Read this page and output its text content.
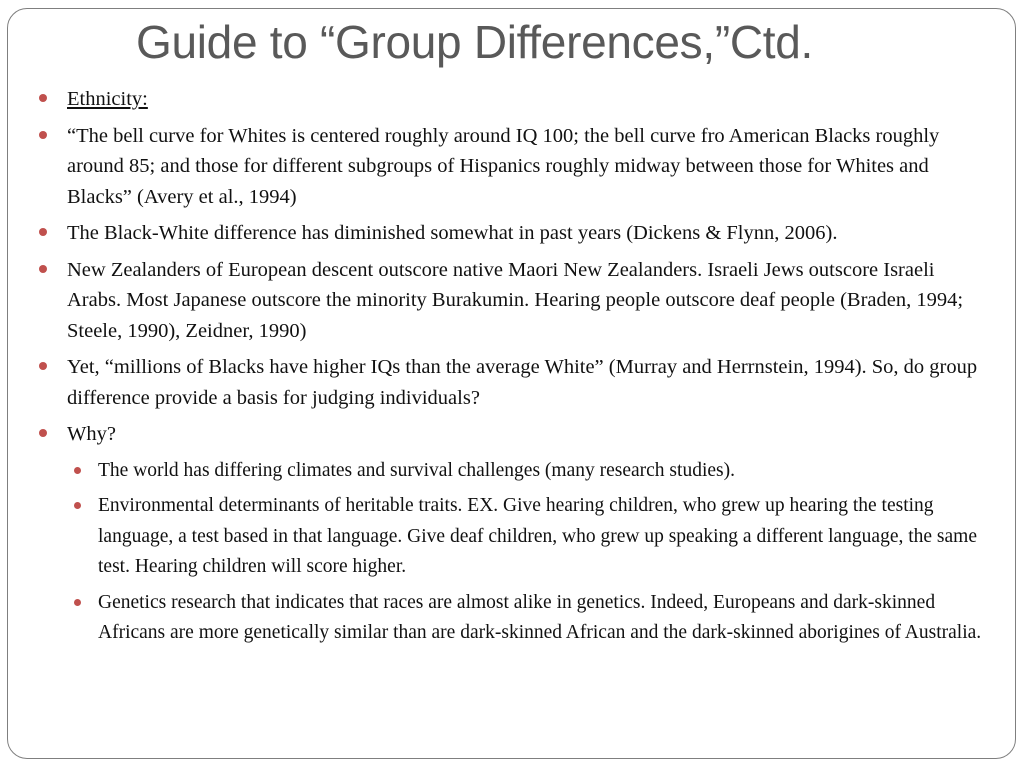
Guide to “Group Differences,”Ctd.
Ethnicity:
“The bell curve for Whites is centered roughly around IQ 100; the bell curve fro American Blacks roughly around 85; and those for different subgroups of Hispanics roughly midway between those for Whites and Blacks” (Avery et al., 1994)
The Black-White difference has diminished somewhat in past years (Dickens & Flynn, 2006).
New Zealanders of European descent outscore native Maori New Zealanders. Israeli Jews outscore Israeli Arabs. Most Japanese outscore the minority Burakumin. Hearing people outscore deaf people (Braden, 1994; Steele, 1990), Zeidner, 1990)
Yet, “millions of Blacks have higher IQs than the average White” (Murray and Herrnstein, 1994). So, do group difference provide a basis for judging individuals?
Why?
The world has differing climates and survival challenges (many research studies).
Environmental determinants of heritable traits. EX. Give hearing children, who grew up hearing the testing language, a test based in that language. Give deaf children, who grew up speaking a different language, the same test. Hearing children will score higher.
Genetics research that indicates that races are almost alike in genetics. Indeed, Europeans and dark-skinned Africans are more genetically similar than are dark-skinned African and the dark-skinned aborigines of Australia.
